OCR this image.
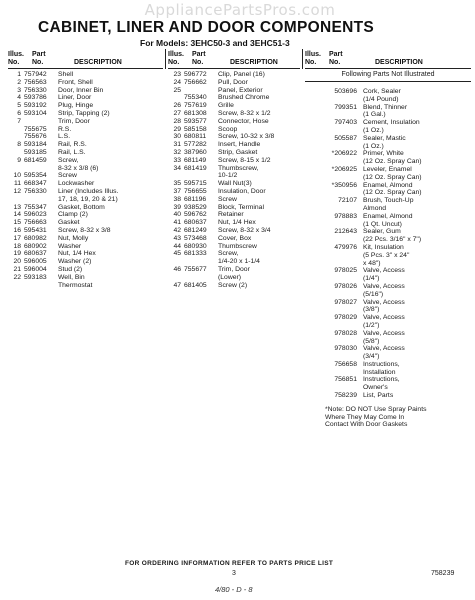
AppliancePartsPros.com
CABINET, LINER AND DOOR COMPONENTS
For Models: 3EHC50-3 and 3EHC51-3
Illus.
No.
Part
No.	DESCRIPTION
1 757942	Shell
2 756563	Front, Shell
3 756330	Door, Inner Bin
4 593786	Liner, Door
5 593192	Plug, Hinge
6 593104	Strip, Tapping (2)
7	Trim, Door
755675	R.S.
755676	L.S.
8 593184	Rail, R.S.
593185	Rail, L.S.
9 681459	Screw,
8-32 x 3/8 (6)
10 595354	Screw
11 668347	Lockwasher
12 756330	Liner (Includes Illus.
17, 18, 19, 20 & 21)
13 755347	Gasket, Bottom
14 596023	Clamp (2)
15 756663	Gasket
16 595431	Screw, 8-32 x 3/8
17 680982	Nut, Molly
18 680902	Washer
19 680637	Nut, 1/4 Hex
20 596005	Washer (2)
21 596004	Stud (2)
22 593183	Well, Bin
Thermostat
Illus.
No.
Part
No.	DESCRIPTION
23 596772	Clip, Panel (16)
24 756662	Pull, Door
25	Panel, Exterior
755340	Brushed Chrome
26 757619	Grille
27 681308	Screw, 8-32 x 1/2
28 593577	Connector, Hose
29 585158	Scoop
30 680811	Screw, 10-32 x 3/8
31 577282	Insert, Handle
32 387960	Strip, Gasket
33 681149	Screw, 8-15 x 1/2
34 681419	Thumbscrew,
10-1/2
35 595715	Wall Nut(3)
37 756655	Insulation, Door
38 681196	Screw
39 938529	Block, Terminal
40 596762	Retainer
41 680637	Nut, 1/4 Hex
42 681249	Screw, 8-32 x 3/4
43 573468	Cover, Box
44 680930	Thumbscrew
45 681333	Screw,
1/4-20 x 1-1/4
46 755677	Trim, Door
(Lower)
47 681405	Screw (2)
Illus.
No.
Part
No.	DESCRIPTION
Following Parts Not Illustrated
503696 Cork, Sealer
(1/4 Pound)
799351 Blend, Thinner
(1 Gal.)
797403 Cement, Insulation
(1 Oz.)
505587 Sealer, Mastic
(1 Oz.)
*206922 Primer, White
(12 Oz. Spray Can)
*206925 Leveler, Enamel
(12 Oz. Spray Can)
*350956 Enamel, Almond
(12 Oz. Spray Can)
72107 Brush, Touch-Up
Almond
978883 Enamel, Almond
(1 Qt. Uncut)
212643 Sealer, Gum
(22 Pcs. 3/16" x 7")
479976 Kit, Insulation
(5 Pcs. 3" x 24"
x 48")
978025 Valve, Access
(1/4")
978026 Valve, Access
(5/16")
978027 Valve, Access
(3/8")
978029 Valve, Access
(1/2")
978028 Valve, Access
(5/8")
978030 Valve, Access
(3/4")
756658 Instructions,
Installation
756851 Instructions,
Owner's
758239 List, Parts
*Note: DO NOT Use Spray Paints
Where They May Come In
Contact With Door Gaskets
FOR ORDERING INFORMATION REFER TO PARTS PRICE LIST
3	758239
4/80 - D - 8
